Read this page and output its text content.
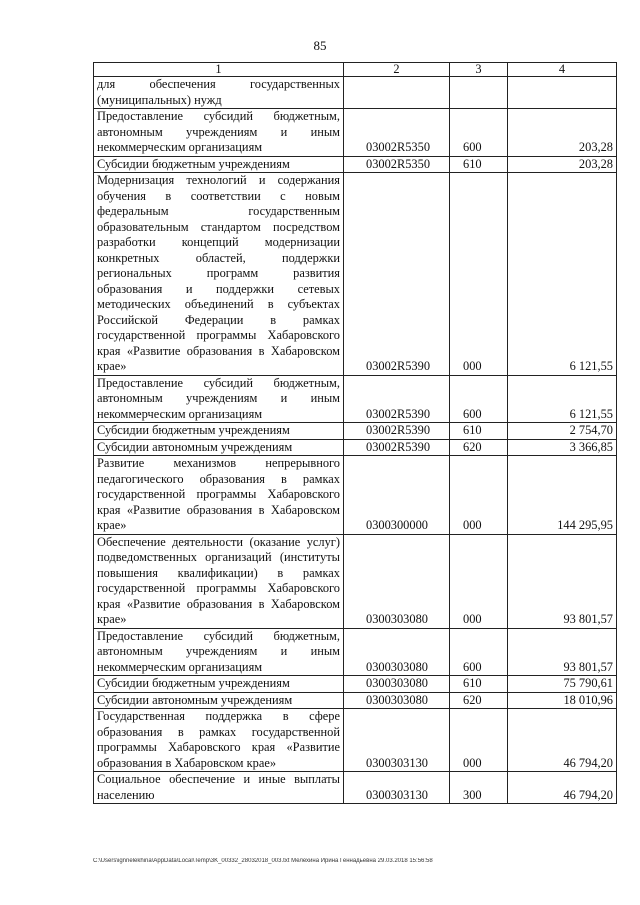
85
1	2	3	4
для обеспечения государственных (муниципальных) нужд			
Предоставление субсидий бюджетным, автономным учреждениям и иным некоммерческим организациям	03002R5350	600	203,28
Субсидии бюджетным учреждениям	03002R5350	610	203,28
Модернизация технологий и содержания обучения в соответствии с новым федеральным государственным образовательным стандартом посредством разработки концепций модернизации конкретных областей, поддержки региональных программ развития образования и поддержки сетевых методических объединений в субъектах Российской Федерации в рамках государственной программы Хабаровского края «Развитие образования в Хабаровском крае»	03002R5390	000	6 121,55
Предоставление субсидий бюджетным, автономным учреждениям и иным некоммерческим организациям	03002R5390	600	6 121,55
Субсидии бюджетным учреждениям	03002R5390	610	2 754,70
Субсидии автономным учреждениям	03002R5390	620	3 366,85
Развитие механизмов непрерывного педагогического образования в рамках государственной программы Хабаровского края «Развитие образования в Хабаровском крае»	0300300000	000	144 295,95
Обеспечение деятельности (оказание услуг) подведомственных организаций (институты повышения квалификации) в рамках государственной программы Хабаровского края «Развитие образования в Хабаровском крае»	0300303080	000	93 801,57
Предоставление субсидий бюджетным, автономным учреждениям и иным некоммерческим организациям	0300303080	600	93 801,57
Субсидии бюджетным учреждениям	0300303080	610	75 790,61
Субсидии автономным учреждениям	0300303080	620	18 010,96
Государственная поддержка в сфере образования в рамках государственной программы Хабаровского края «Развитие образования в Хабаровском крае»	0300303130	000	46 794,20
Социальное обеспечение и иные выплаты населению	0300303130	300	46 794,20
C:\Users\ignnelekhina\AppData\Local\Temp\3K_00332_28032018_003.txt Мелехина Ирина Геннадьевна 29.03.2018 15:56:58
